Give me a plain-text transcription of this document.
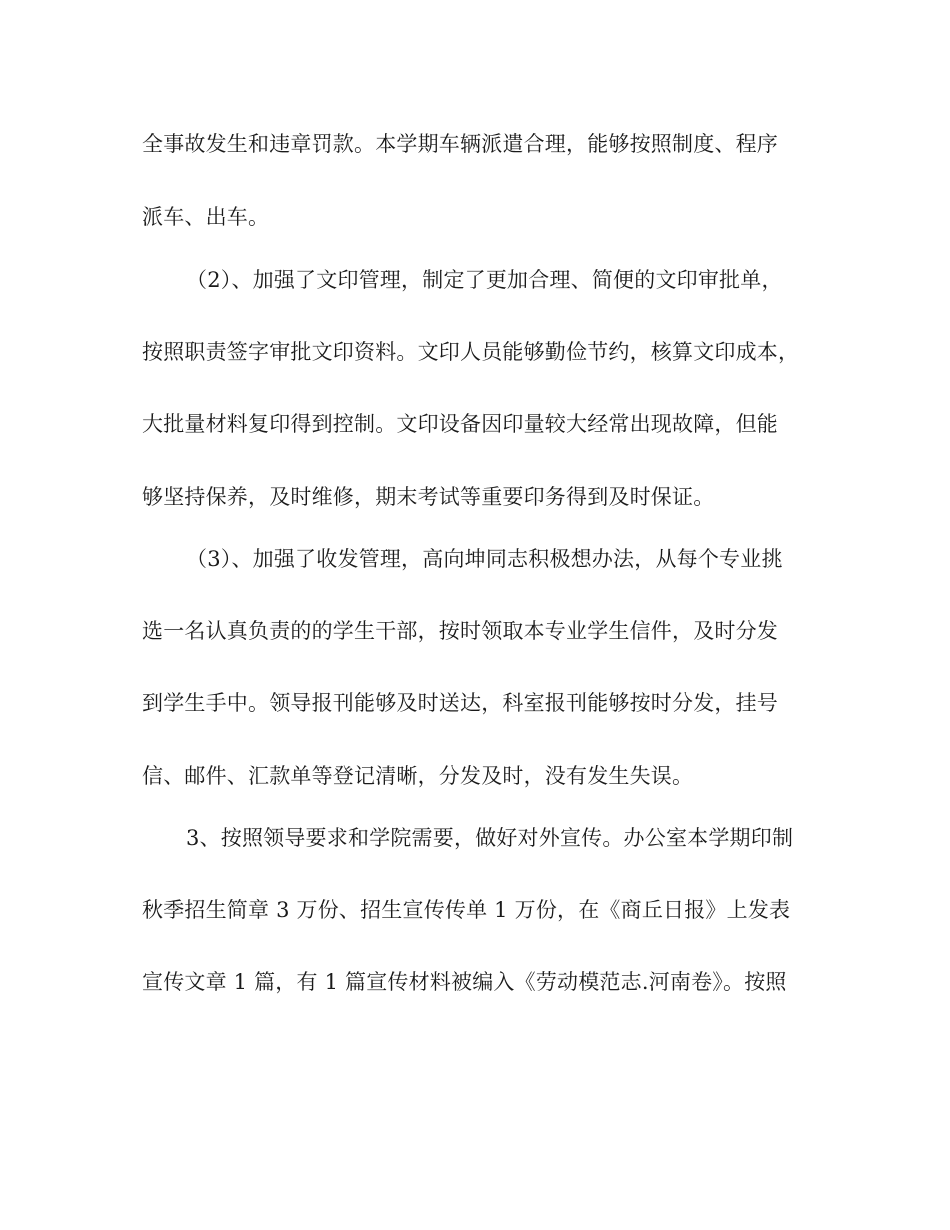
全事故发生和违章罚款。本学期车辆派遣合理，能够按照制度、程序
派车、出车。
（2）、加强了文印管理，制定了更加合理、简便的文印审批单，
按照职责签字审批文印资料。文印人员能够勤俭节约，核算文印成本，
大批量材料复印得到控制。文印设备因印量较大经常出现故障，但能
够坚持保养，及时维修，期末考试等重要印务得到及时保证。
（3）、加强了收发管理，高向坤同志积极想办法，从每个专业挑
选一名认真负责的的学生干部，按时领取本专业学生信件，及时分发
到学生手中。领导报刊能够及时送达，科室报刊能够按时分发，挂号
信、邮件、汇款单等登记清晰，分发及时，没有发生失误。
3、按照领导要求和学院需要，做好对外宣传。办公室本学期印制
秋季招生简章 3 万份、招生宣传传单 1 万份，在《商丘日报》上发表
宣传文章 1 篇，有 1 篇宣传材料被编入《劳动模范志.河南卷》。按照
